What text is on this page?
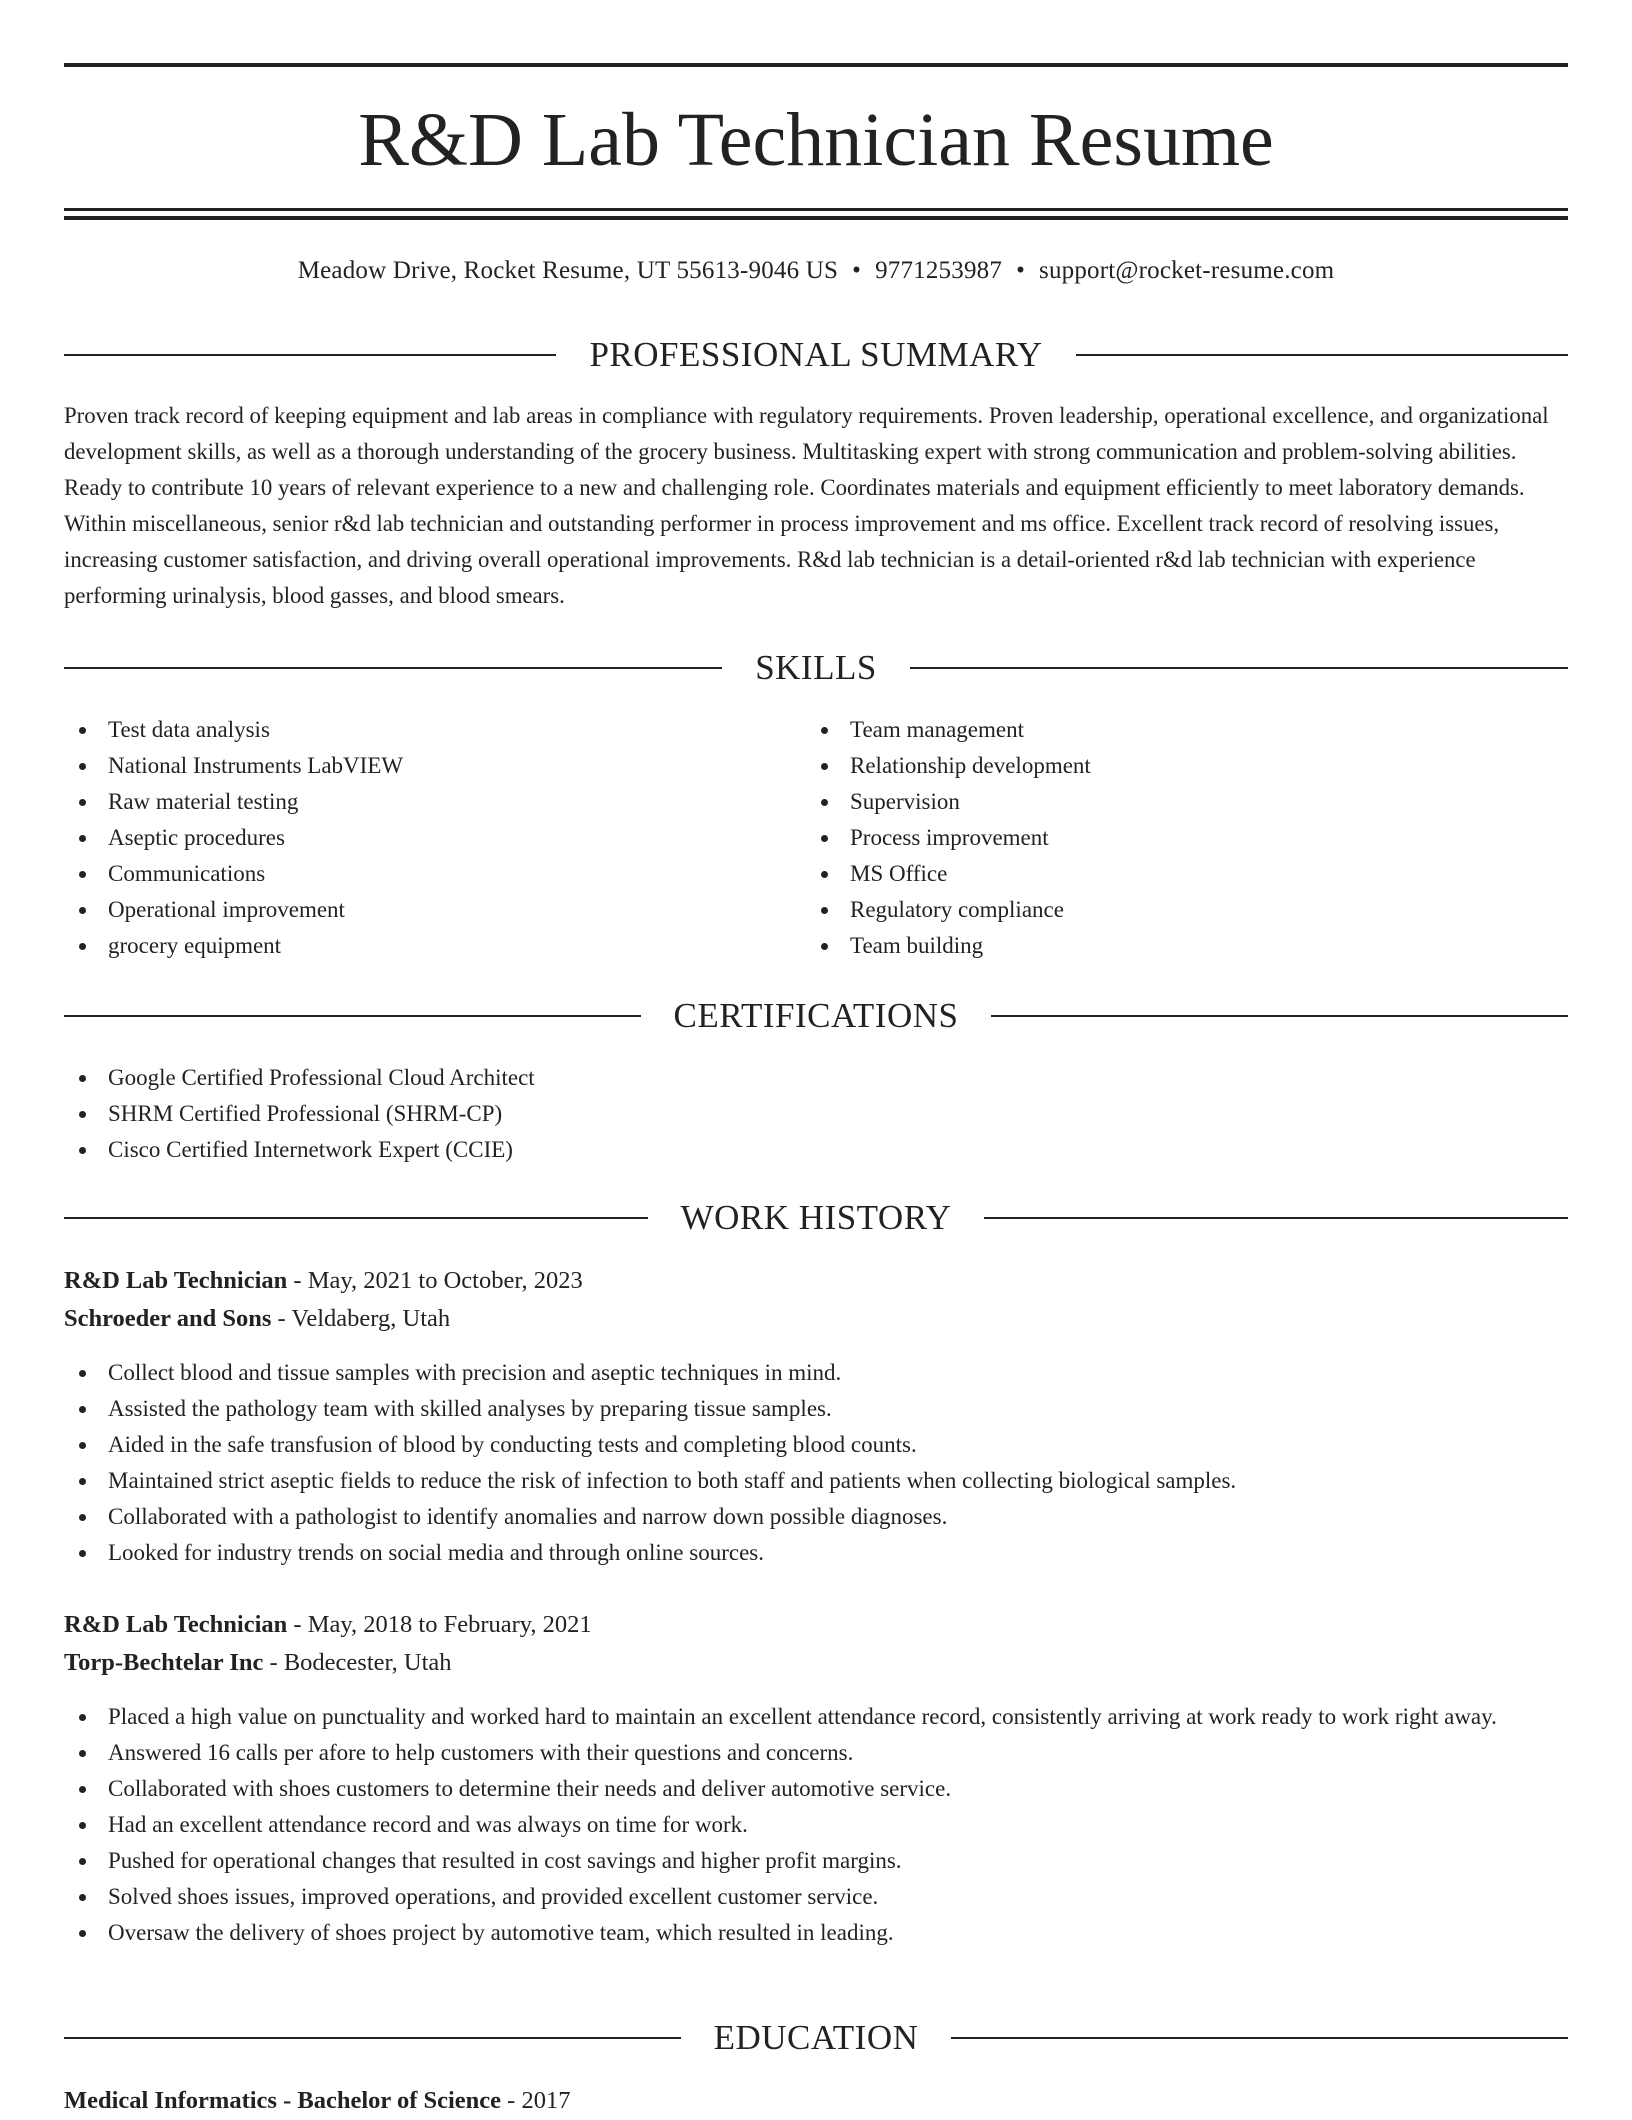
R&D Lab Technician Resume
Meadow Drive, Rocket Resume, UT 55613-9046 US • 9771253987 • support@rocket-resume.com
PROFESSIONAL SUMMARY

Proven track record of keeping equipment and lab areas in compliance with regulatory requirements. Proven leadership, operational excellence, and organizational development skills, as well as a thorough understanding of the grocery business. Multitasking expert with strong communication and problem-solving abilities. Ready to contribute 10 years of relevant experience to a new and challenging role. Coordinates materials and equipment efficiently to meet laboratory demands. Within miscellaneous, senior r&d lab technician and outstanding performer in process improvement and ms office. Excellent track record of resolving issues, increasing customer satisfaction, and driving overall operational improvements. R&d lab technician is a detail-oriented r&d lab technician with experience performing urinalysis, blood gasses, and blood smears.

SKILLS
Test data analysis
National Instruments LabVIEW
Raw material testing
Aseptic procedures
Communications
Operational improvement
grocery equipment
Team management
Relationship development
Supervision
Process improvement
MS Office
Regulatory compliance
Team building
CERTIFICATIONS
Google Certified Professional Cloud Architect
SHRM Certified Professional (SHRM-CP)
Cisco Certified Internetwork Expert (CCIE)
WORK HISTORY
R&D Lab Technician - May, 2021 to October, 2023
Schroeder and Sons - Veldaberg, Utah
Collect blood and tissue samples with precision and aseptic techniques in mind.
Assisted the pathology team with skilled analyses by preparing tissue samples.
Aided in the safe transfusion of blood by conducting tests and completing blood counts.
Maintained strict aseptic fields to reduce the risk of infection to both staff and patients when collecting biological samples.
Collaborated with a pathologist to identify anomalies and narrow down possible diagnoses.
Looked for industry trends on social media and through online sources.
R&D Lab Technician - May, 2018 to February, 2021
Torp-Bechtelar Inc - Bodecester, Utah
Placed a high value on punctuality and worked hard to maintain an excellent attendance record, consistently arriving at work ready to work right away.
Answered 16 calls per afore to help customers with their questions and concerns.
Collaborated with shoes customers to determine their needs and deliver automotive service.
Had an excellent attendance record and was always on time for work.
Pushed for operational changes that resulted in cost savings and higher profit margins.
Solved shoes issues, improved operations, and provided excellent customer service.
Oversaw the delivery of shoes project by automotive team, which resulted in leading.
EDUCATION
Medical Informatics - Bachelor of Science - 2017
